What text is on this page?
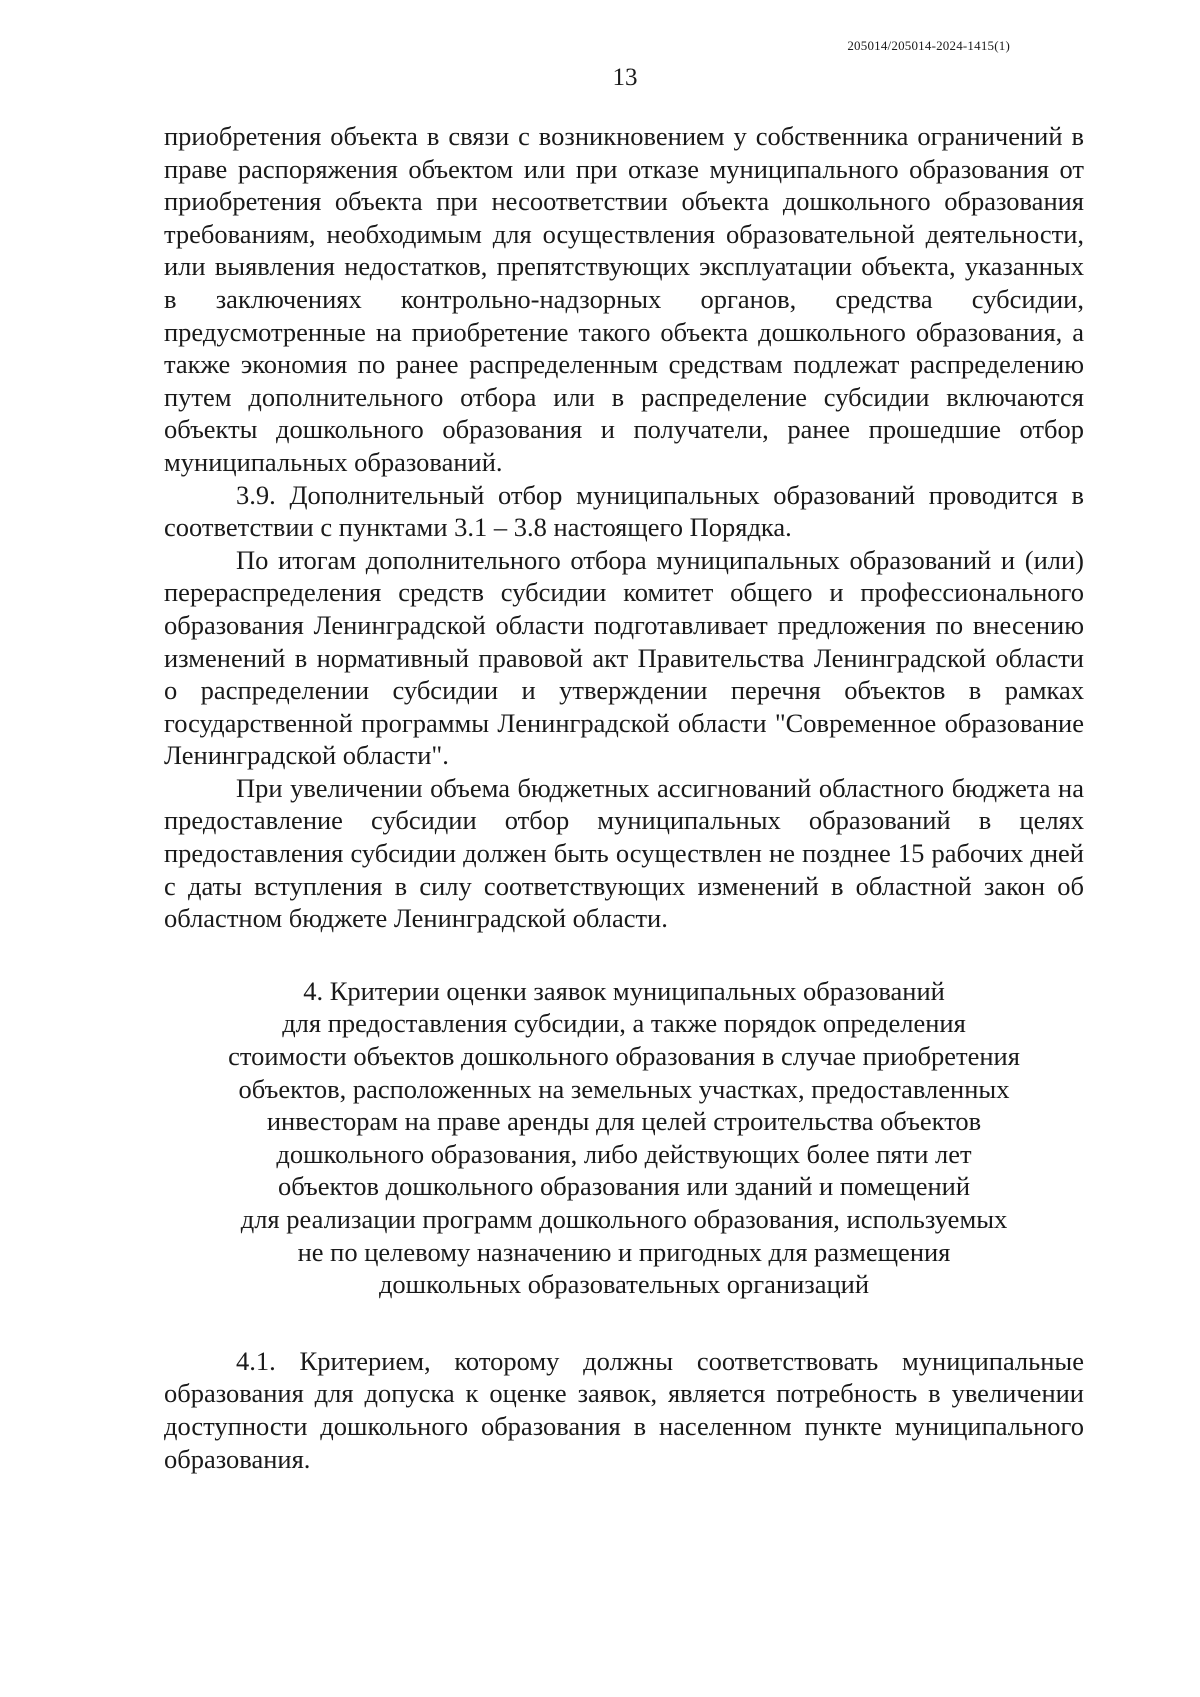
205014/205014-2024-1415(1)
13

приобретения объекта в связи с возникновением у собственника ограничений в праве распоряжения объектом или при отказе муниципального образования от приобретения объекта при несоответствии объекта дошкольного образования требованиям, необходимым для осуществления образовательной деятельности, или выявления недостатков, препятствующих эксплуатации объекта, указанных в заключениях контрольно-надзорных органов, средства субсидии, предусмотренные на приобретение такого объекта дошкольного образования, а также экономия по ранее распределенным средствам подлежат распределению путем дополнительного отбора или в распределение субсидии включаются объекты дошкольного образования и получатели, ранее прошедшие отбор муниципальных образований.

3.9. Дополнительный отбор муниципальных образований проводится в соответствии с пунктами 3.1 – 3.8 настоящего Порядка.

По итогам дополнительного отбора муниципальных образований и (или) перераспределения средств субсидии комитет общего и профессионального образования Ленинградской области подготавливает предложения по внесению изменений в нормативный правовой акт Правительства Ленинградской области о распределении субсидии и утверждении перечня объектов в рамках государственной программы Ленинградской области "Современное образование Ленинградской области".

При увеличении объема бюджетных ассигнований областного бюджета на предоставление субсидии отбор муниципальных образований в целях предоставления субсидии должен быть осуществлен не позднее 15 рабочих дней с даты вступления в силу соответствующих изменений в областной закон об областном бюджете Ленинградской области.

4. Критерии оценки заявок муниципальных образований
для предоставления субсидии, а также порядок определения
стоимости объектов дошкольного образования в случае приобретения
объектов, расположенных на земельных участках, предоставленных
инвесторам на праве аренды для целей строительства объектов
дошкольного образования, либо действующих более пяти лет
объектов дошкольного образования или зданий и помещений
для реализации программ дошкольного образования, используемых
не по целевому назначению и пригодных для размещения
дошкольных образовательных организаций

4.1. Критерием, которому должны соответствовать муниципальные образования для допуска к оценке заявок, является потребность в увеличении доступности дошкольного образования в населенном пункте муниципального образования.
